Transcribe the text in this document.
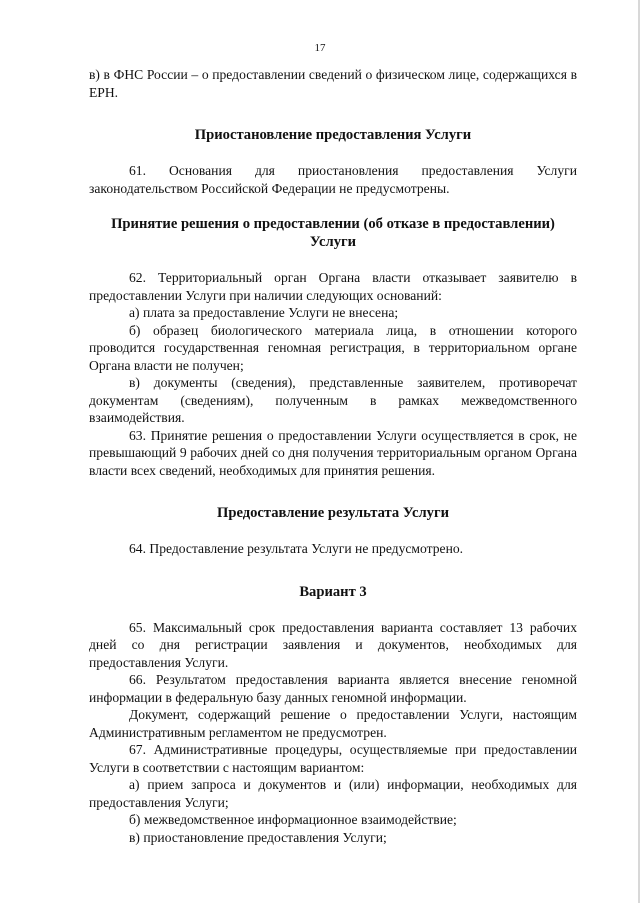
17

в) в ФНС России – о предоставлении сведений о физическом лице, содержащихся в ЕРН.

Приостановление предоставления Услуги

61. Основания для приостановления предоставления Услуги законодательством Российской Федерации не предусмотрены.

Принятие решения о предоставлении (об отказе в предоставлении) Услуги

62. Территориальный орган Органа власти отказывает заявителю в предоставлении Услуги при наличии следующих оснований:

а) плата за предоставление Услуги не внесена;

б) образец биологического материала лица, в отношении которого проводится государственная геномная регистрация, в территориальном органе Органа власти не получен;

в) документы (сведения), представленные заявителем, противоречат документам (сведениям), полученным в рамках межведомственного взаимодействия.

63. Принятие решения о предоставлении Услуги осуществляется в срок, не превышающий 9 рабочих дней со дня получения территориальным органом Органа власти всех сведений, необходимых для принятия решения.

Предоставление результата Услуги

64. Предоставление результата Услуги не предусмотрено.

Вариант 3

65. Максимальный срок предоставления варианта составляет 13 рабочих дней со дня регистрации заявления и документов, необходимых для предоставления Услуги.

66. Результатом предоставления варианта является внесение геномной информации в федеральную базу данных геномной информации.

Документ, содержащий решение о предоставлении Услуги, настоящим Административным регламентом не предусмотрен.

67. Административные процедуры, осуществляемые при предоставлении Услуги в соответствии с настоящим вариантом:

а) прием запроса и документов и (или) информации, необходимых для предоставления Услуги;

б) межведомственное информационное взаимодействие;

в) приостановление предоставления Услуги;
